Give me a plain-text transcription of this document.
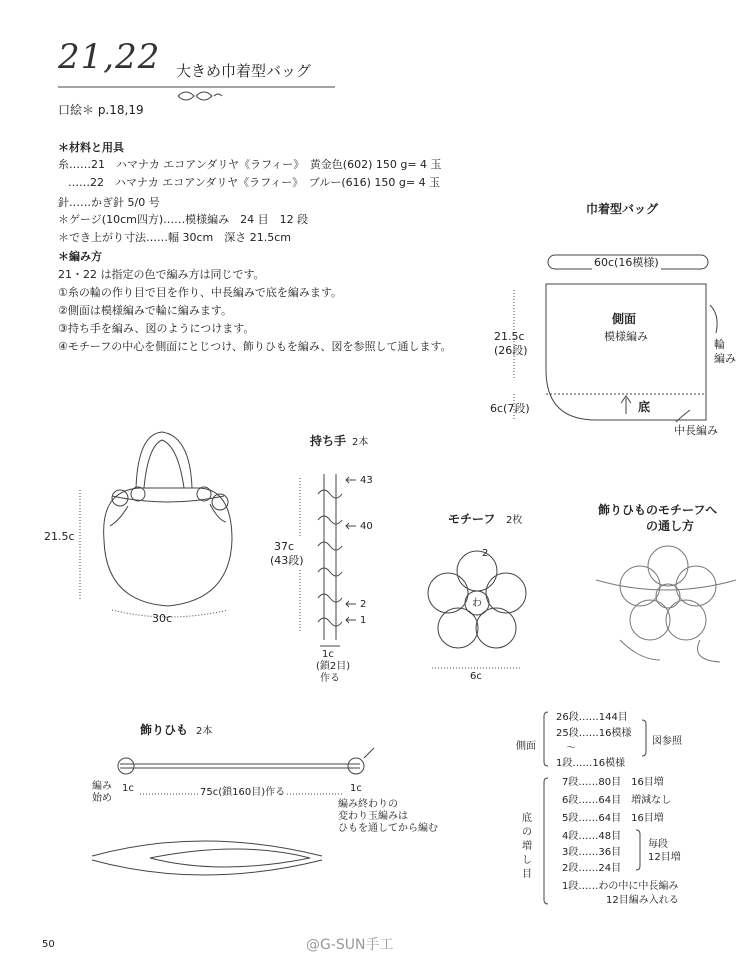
21,22 大きめ巾着型バッグ
口絵＊ p.18,19
＊材料と用具
糸……21　ハマナカ エコアンダリヤ《ラフィー》　黄金色(602) 150 g= 4 玉
……22　ハマナカ エコアンダリヤ《ラフィー》　ブルー(616) 150 g= 4 玉
針……かぎ針 5/0 号
＊ゲージ(10cm四方)……模様編み　24 目　12 段
＊でき上がり寸法……幅 30cm　深さ 21.5cm
＊編み方
21・22 は指定の色で編み方は同じです。
①糸の輪の作り目で目を作り、中長編みで底を編みます。
②側面は模様編みで輪に編みます。
③持ち手を編み、図のようにつけます。
④モチーフの中心を側面にとじつけ、飾りひもを編み、図を参照して通します。
巾着型バッグ
60c(16模様)
側面
模様編み
輪
編み
21.5c
(26段)
6c(7段)	底
中長編み
21.5c
30c
持ち手 2本
37c
(43段)
43
40
2
1
1c
(鎖2目)
作る
モチーフ 2枚
2
わ
6c
飾りひものモチーフへ
の通し方
飾りひも 2本
編み
始め
1c	75c(鎖160目)作る	1c
編み終わりの
変わり玉編みは
ひもを通してから編む
側面
26段……144目
25段……16模様
〜
1段……16模様
図参照
底
の
増
し
目
7段……80目　16目増
6段……64目　増減なし
5段……64目　16目増
4段……48目
3段……36目
2段……24目
1段……わの中に中長編み
毎段
12目増
12目編み入れる
50	@G-SUN手工
